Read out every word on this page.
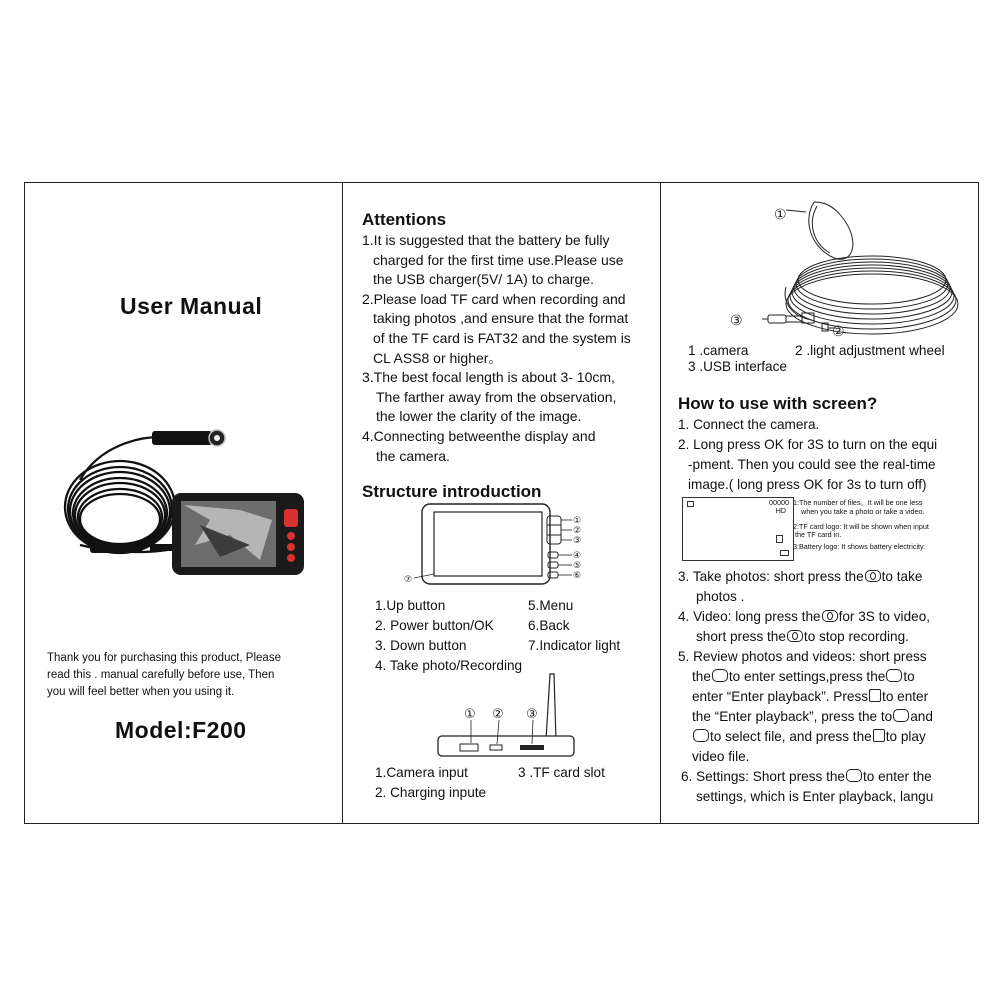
User Manual
Thank you for purchasing this product, Please
read this . manual carefully before use, Then
you will feel better when you using it.
Model:F200
Attentions
1.It is suggested that the battery be fully
charged for the first time use.Please use
the USB charger(5V/ 1A) to charge.
2.Please load TF card when recording and
taking photos ,and ensure that the format
of the TF card is FAT32 and the system is
CL ASS8 or higher。
3.The best focal length is about 3- 10cm,
The farther away from the observation,
the lower the clarity of the image.
4.Connecting betweenthe display and
the camera.
Structure introduction
①
②
③
④
⑤
⑥
⑦
1.Up button
2. Power button/OK
3. Down button
4. Take photo/Recording
5.Menu
6.Back
7.Indicator light
① ② ③
1.Camera input	3 .TF card slot
2. Charging inpute
①
②
③
1 .camera	2 .light adjustment wheel
3 .USB interface
How to use with screen?
1. Connect the camera.
2. Long press OK for 3S to turn on the equi
-pment. Then you could see the real-time
image.( long press OK for 3s to turn off)
00000
HD
1:The number of files。It will be one less
when you take a photo or take a video.
2:TF card logo: It will be shown when input
the TF card in.
3:Battery logo: It shows battery electricity.
3. Take photos: short press the to take
photos .
4. Video: long press the for 3S to video,
short press the to stop recording.
5. Review photos and videos: short press
the to enter settings,press the to
enter “Enter playback”. Press to enter
the “Enter playback”, press the to and
to select file, and press the to play
video file.
6. Settings: Short press the to enter the
settings, which is Enter playback, langu
